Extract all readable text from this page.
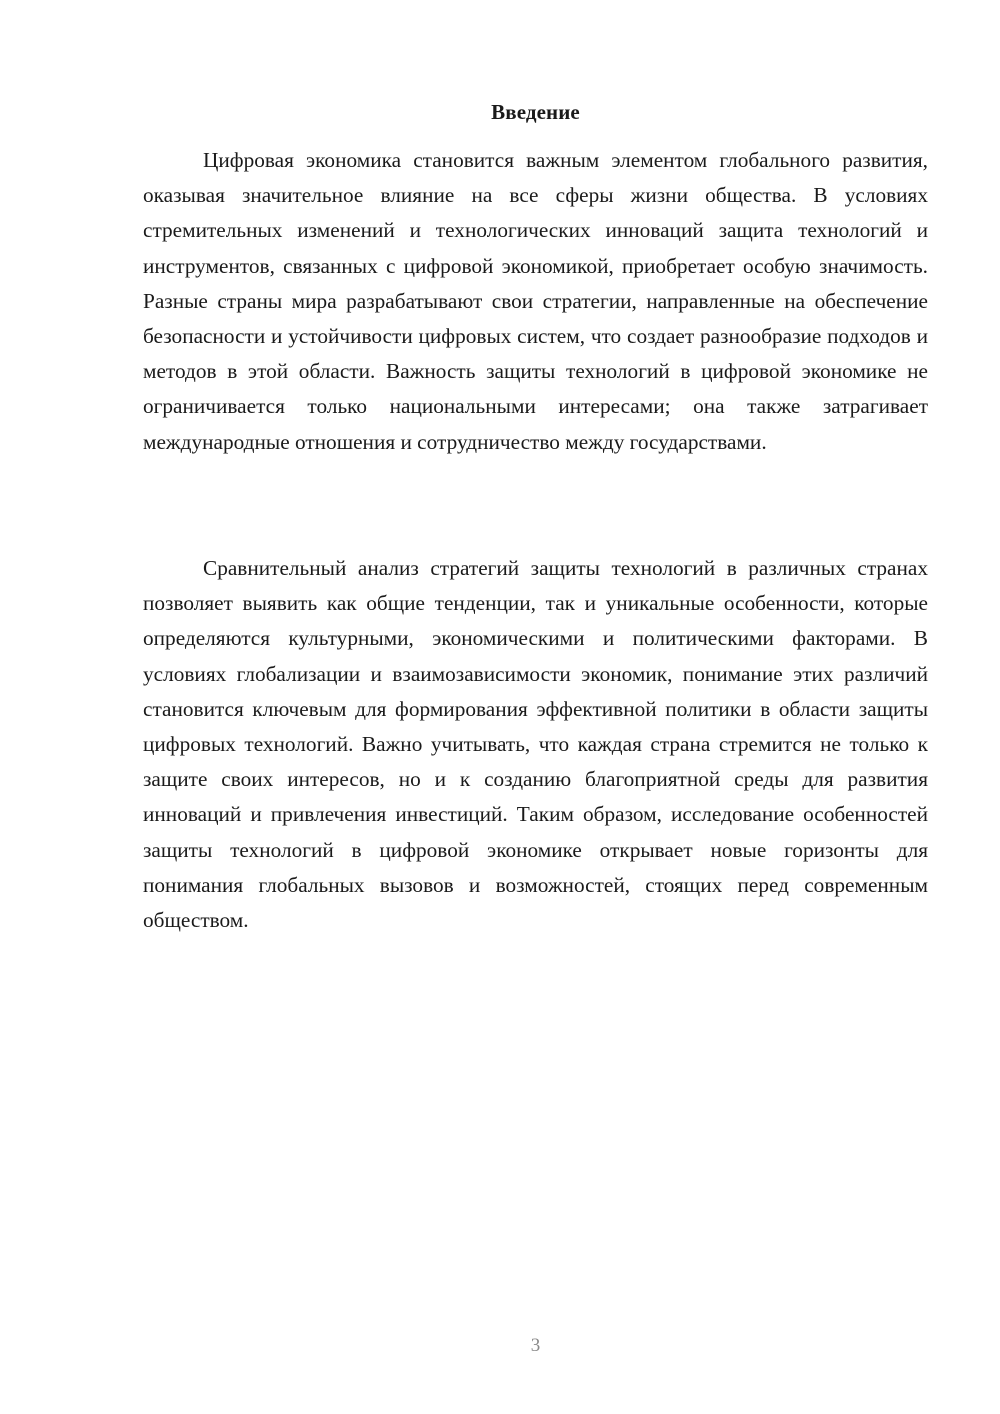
Введение

Цифровая экономика становится важным элементом глобального развития, оказывая значительное влияние на все сферы жизни общества. В условиях стремительных изменений и технологических инноваций защита технологий и инструментов, связанных с цифровой экономикой, приобретает особую значимость. Разные страны мира разрабатывают свои стратегии, направленные на обеспечение безопасности и устойчивости цифровых систем, что создает разнообразие подходов и методов в этой области. Важность защиты технологий в цифровой экономике не ограничивается только национальными интересами; она также затрагивает международные отношения и сотрудничество между государствами.

Сравнительный анализ стратегий защиты технологий в различных странах позволяет выявить как общие тенденции, так и уникальные особенности, которые определяются культурными, экономическими и политическими факторами. В условиях глобализации и взаимозависимости экономик, понимание этих различий становится ключевым для формирования эффективной политики в области защиты цифровых технологий. Важно учитывать, что каждая страна стремится не только к защите своих интересов, но и к созданию благоприятной среды для развития инноваций и привлечения инвестиций. Таким образом, исследование особенностей защиты технологий в цифровой экономике открывает новые горизонты для понимания глобальных вызовов и возможностей, стоящих перед современным обществом.

3
